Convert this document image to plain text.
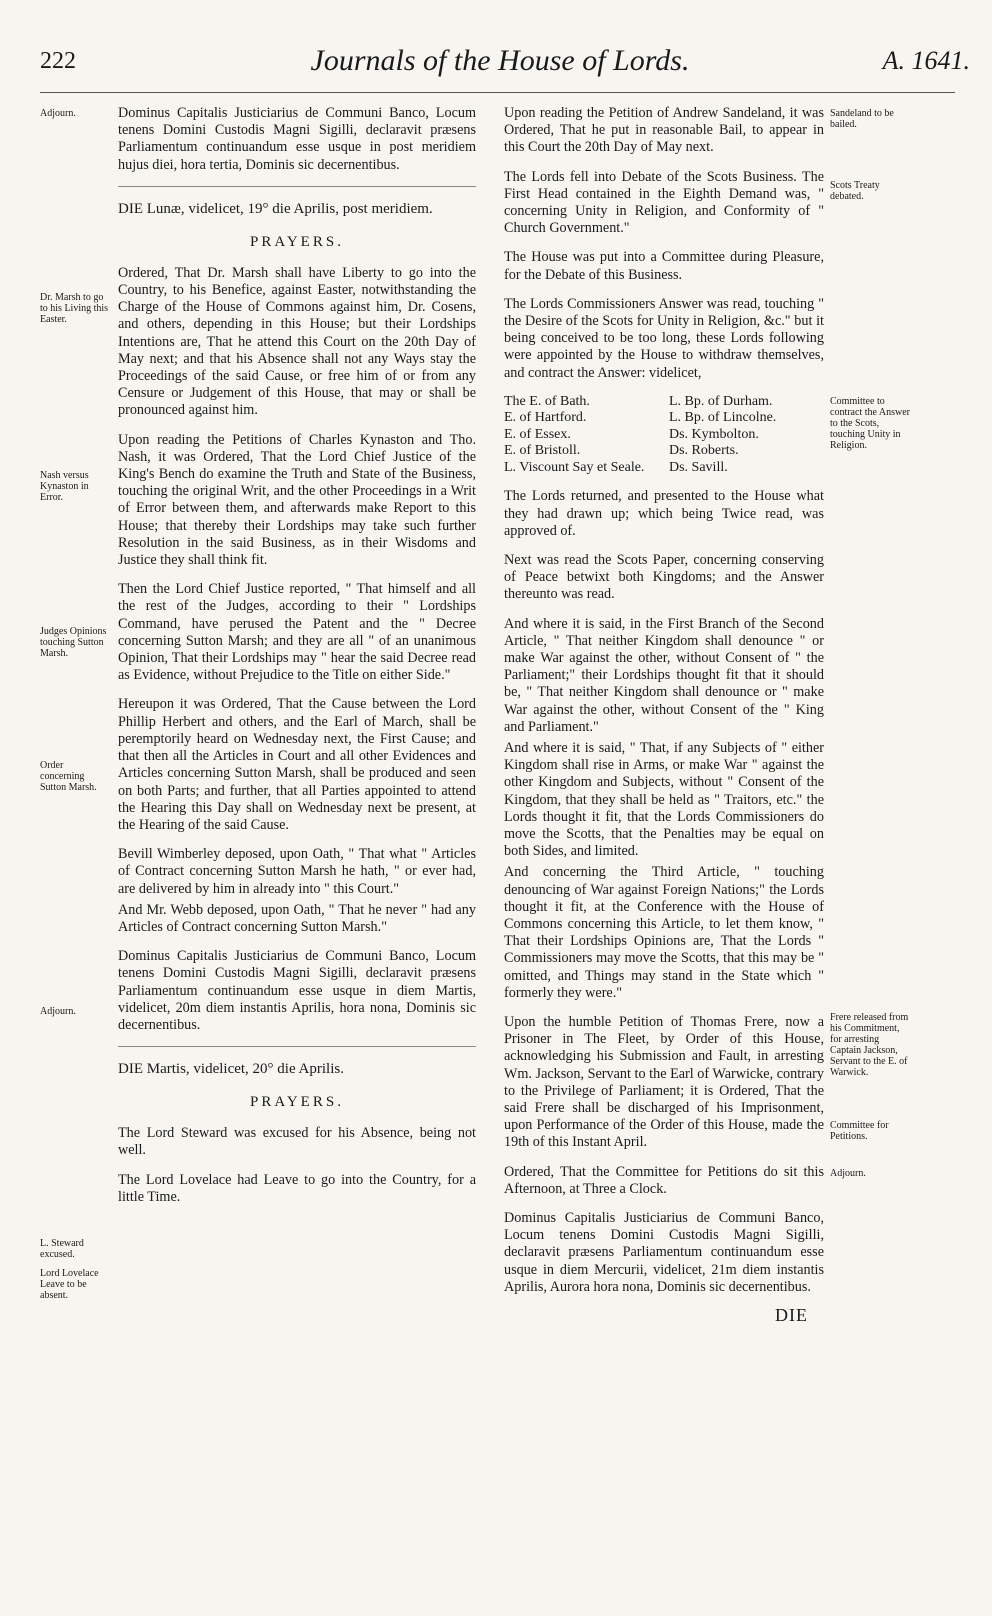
222	Journals of the House of Lords.	A. 1641.
Adjourn.
Dr. Marsh to go to his Living this Easter.
Nash versus Kynaston in Error.
Judges Opinions touching Sutton Marsh.
Order concerning Sutton Marsh.
Adjourn.
L. Steward excused.
Lord Lovelace Leave to be absent.
Sandeland to be bailed.
Scots Treaty debated.
Committee to contract the Answer to the Scots, touching Unity in Religion.
Frere released from his Commitment, for arresting Captain Jackson, Servant to the E. of Warwick.
Committee for Petitions.
Adjourn.

Dominus Capitalis Justiciarius de Communi Banco, Locum tenens Domini Custodis Magni Sigilli, declaravit præsens Parliamentum continuandum esse usque in post meridiem hujus diei, hora tertia, Dominis sic decernentibus.

DIE Lunæ, videlicet, 19° die Aprilis, post meridiem.
PRAYERS.

Ordered, That Dr. Marsh shall have Liberty to go into the Country, to his Benefice, against Easter, notwithstanding the Charge of the House of Commons against him, Dr. Cosens, and others, depending in this House; but their Lordships Intentions are, That he attend this Court on the 20th Day of May next; and that his Absence shall not any Ways stay the Proceedings of the said Cause, or free him of or from any Censure or Judgement of this House, that may or shall be pronounced against him.

Upon reading the Petitions of Charles Kynaston and Tho. Nash, it was Ordered, That the Lord Chief Justice of the King's Bench do examine the Truth and State of the Business, touching the original Writ, and the other Proceedings in a Writ of Error between them, and afterwards make Report to this House; that thereby their Lordships may take such further Resolution in the said Business, as in their Wisdoms and Justice they shall think fit.

Then the Lord Chief Justice reported, " That himself and all the rest of the Judges, according to their " Lordships Command, have perused the Patent and the " Decree concerning Sutton Marsh; and they are all " of an unanimous Opinion, That their Lordships may " hear the said Decree read as Evidence, without Prejudice to the Title on either Side."

Hereupon it was Ordered, That the Cause between the Lord Phillip Herbert and others, and the Earl of March, shall be peremptorily heard on Wednesday next, the First Cause; and that then all the Articles in Court and all other Evidences and Articles concerning Sutton Marsh, shall be produced and seen on both Parts; and further, that all Parties appointed to attend the Hearing this Day shall on Wednesday next be present, at the Hearing of the said Cause.

Bevill Wimberley deposed, upon Oath, " That what " Articles of Contract concerning Sutton Marsh he hath, " or ever had, are delivered by him in already into " this Court."

And Mr. Webb deposed, upon Oath, " That he never " had any Articles of Contract concerning Sutton Marsh."

Dominus Capitalis Justiciarius de Communi Banco, Locum tenens Domini Custodis Magni Sigilli, declaravit præsens Parliamentum continuandum esse usque in diem Martis, videlicet, 20m diem instantis Aprilis, hora nona, Dominis sic decernentibus.

DIE Martis, videlicet, 20° die Aprilis.
PRAYERS.

The Lord Steward was excused for his Absence, being not well.

The Lord Lovelace had Leave to go into the Country, for a little Time.

Upon reading the Petition of Andrew Sandeland, it was Ordered, That he put in reasonable Bail, to appear in this Court the 20th Day of May next.

The Lords fell into Debate of the Scots Business. The First Head contained in the Eighth Demand was, " concerning Unity in Religion, and Conformity of " Church Government."

The House was put into a Committee during Pleasure, for the Debate of this Business.

The Lords Commissioners Answer was read, touching " the Desire of the Scots for Unity in Religion, &c." but it being conceived to be too long, these Lords following were appointed by the House to withdraw themselves, and contract the Answer: videlicet,

The E. of Bath.
E. of Hartford.
E. of Essex.
E. of Bristoll.
L. Viscount Say et Seale.
L. Bp. of Durham.
L. Bp. of Lincolne.
Ds. Kymbolton.
Ds. Roberts.
Ds. Savill.

The Lords returned, and presented to the House what they had drawn up; which being Twice read, was approved of.

Next was read the Scots Paper, concerning conserving of Peace betwixt both Kingdoms; and the Answer thereunto was read.

And where it is said, in the First Branch of the Second Article, " That neither Kingdom shall denounce " or make War against the other, without Consent of " the Parliament;" their Lordships thought fit that it should be, " That neither Kingdom shall denounce or " make War against the other, without Consent of the " King and Parliament."

And where it is said, " That, if any Subjects of " either Kingdom shall rise in Arms, or make War " against the other Kingdom and Subjects, without " Consent of the Kingdom, that they shall be held as " Traitors, etc." the Lords thought it fit, that the Lords Commissioners do move the Scotts, that the Penalties may be equal on both Sides, and limited.

And concerning the Third Article, " touching denouncing of War against Foreign Nations;" the Lords thought it fit, at the Conference with the House of Commons concerning this Article, to let them know, " That their Lordships Opinions are, That the Lords " Commissioners may move the Scotts, that this may be " omitted, and Things may stand in the State which " formerly they were."

Upon the humble Petition of Thomas Frere, now a Prisoner in The Fleet, by Order of this House, acknowledging his Submission and Fault, in arresting Wm. Jackson, Servant to the Earl of Warwicke, contrary to the Privilege of Parliament; it is Ordered, That the said Frere shall be discharged of his Imprisonment, upon Performance of the Order of this House, made the 19th of this Instant April.

Ordered, That the Committee for Petitions do sit this Afternoon, at Three a Clock.

Dominus Capitalis Justiciarius de Communi Banco, Locum tenens Domini Custodis Magni Sigilli, declaravit præsens Parliamentum continuandum esse usque in diem Mercurii, videlicet, 21m diem instantis Aprilis, Aurora hora nona, Dominis sic decernentibus.

DIE
